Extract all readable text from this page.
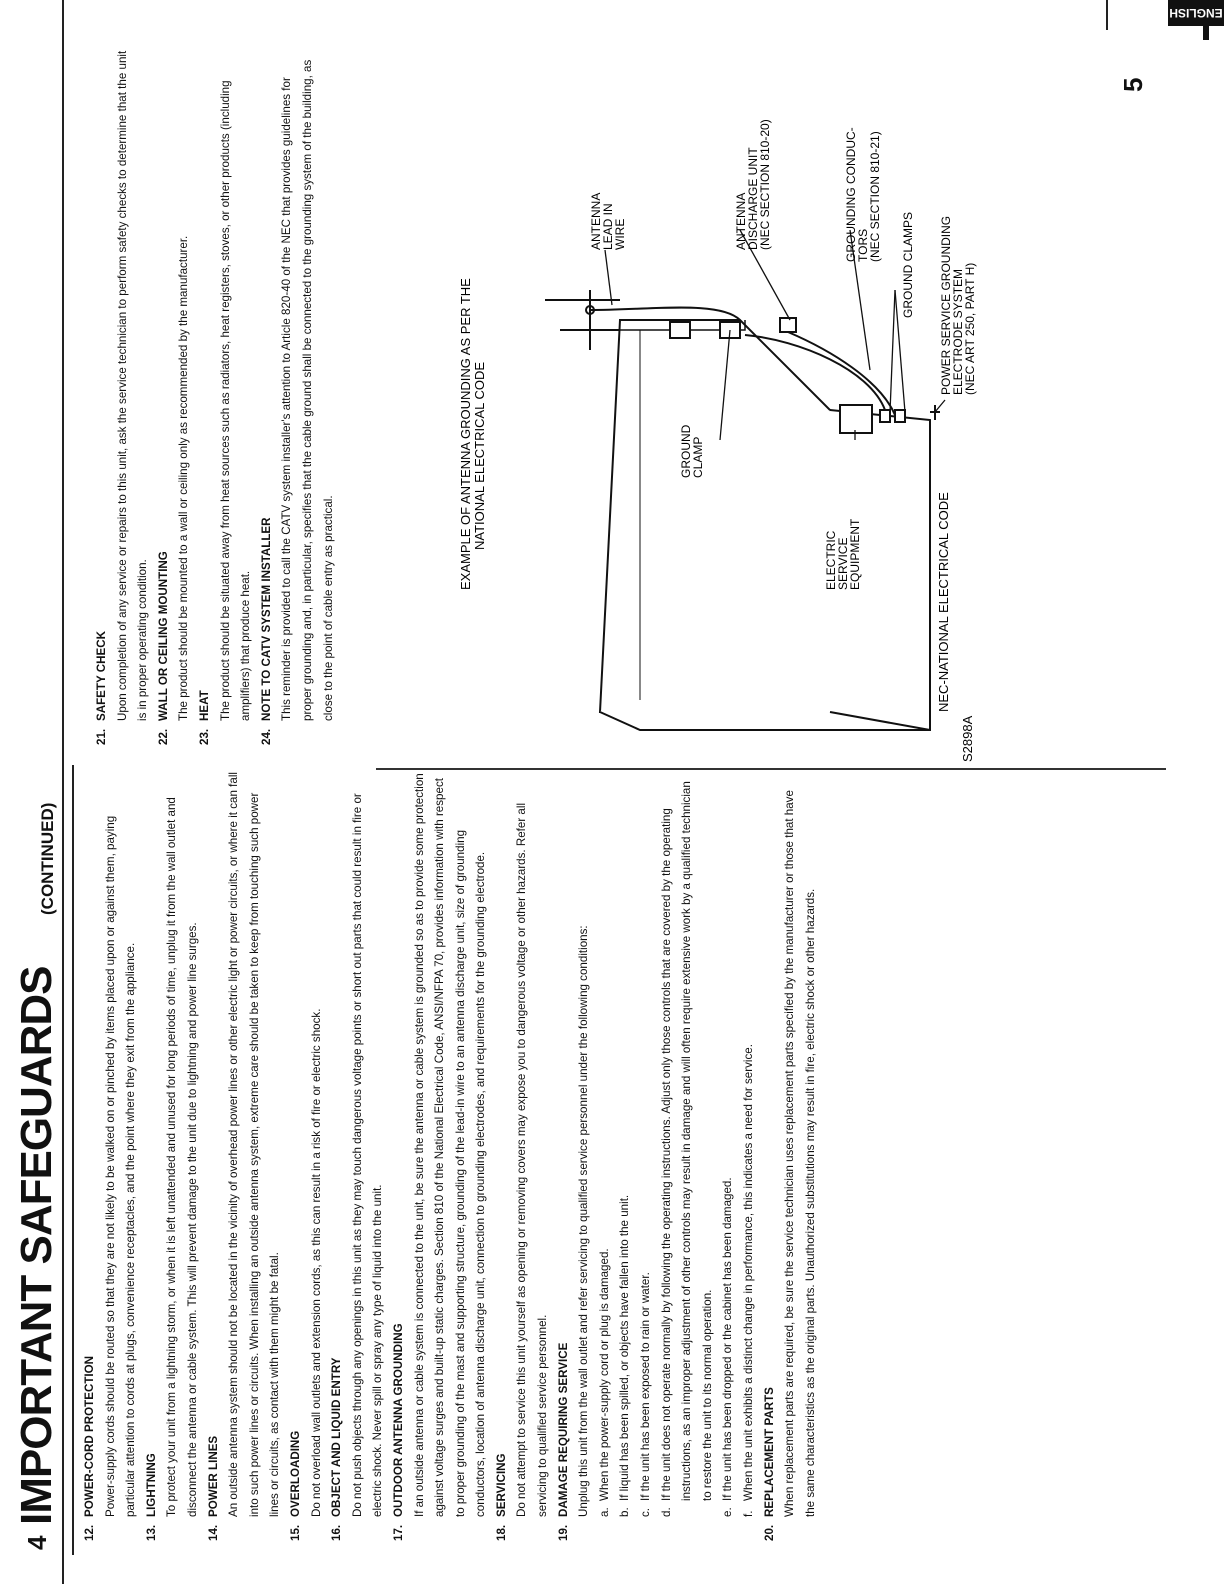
ENGLISH
IMPORTANT SAFEGUARDS
(CONTINUED)
12.
POWER-CORD PROTECTION Power-supply cords should be routed so that they are not likely to be walked on or pinched by items placed upon or against them, paying particular attention to cords at plugs, convenience receptacles, and the point where they exit from the appliance.
13.
LIGHTNING To protect your unit from a lightning storm, or when it is left unattended and unused for long periods of time, unplug it from the wall outlet and disconnect the antenna or cable system. This will prevent damage to the unit due to lightning and power line surges.
14.
POWER LINES An outside antenna system should not be located in the vicinity of overhead power lines or other electric light or power circuits, or where it can fall into such power lines or circuits. When installing an outside antenna system, extreme care should be taken to keep from touching such power lines or circuits, as contact with them might be fatal.
15.
OVERLOADING Do not overload wall outlets and extension cords, as this can result in a risk of fire or electric shock.
16.
OBJECT AND LIQUID ENTRY Do not push objects through any openings in this unit as they may touch dangerous voltage points or short out parts that could result in fire or electric shock. Never spill or spray any type of liquid into the unit.
17.
OUTDOOR ANTENNA GROUNDING If an outside antenna or cable system is connected to the unit, be sure the antenna or cable system is grounded so as to provide some protection against voltage surges and built-up static charges. Section 810 of the National Electrical Code, ANSI/NFPA 70, provides information with respect to proper grounding of the mast and supporting structure, grounding of the lead-in wire to an antenna discharge unit, size of grounding conductors, location of antenna discharge unit, connection to grounding electrodes, and requirements for the grounding electrode.
18.
SERVICING Do not attempt to service this unit yourself as opening or removing covers may expose you to dangerous voltage or other hazards. Refer all servicing to qualified service personnel.
19.
DAMAGE REQUIRING SERVICE Unplug this unit from the wall outlet and refer servicing to qualified service personnel under the following conditions: a.
When the power-supply cord or plug is damaged.
b.
If liquid has been spilled, or objects have fallen into the unit.
c.
If the unit has been exposed to rain or water.
d.
If the unit does not operate normally by following the operating instructions. Adjust only those controls that are covered by the operating instructions, as an improper adjustment of other controls may result in damage and will often require extensive work by a qualified technician to restore the unit to its normal operation.
e.
If the unit has been dropped or the cabinet has been damaged.
f.
When the unit exhibits a distinct change in performance, this indicates a need for service.
20.
REPLACEMENT PARTS When replacement parts are required, be sure the service technician uses replacement parts specified by the manufacturer or those that have the same characteristics as the original parts. Unauthorized substitutions may result in fire, electric shock or other hazards.
4
21.
SAFETY CHECK Upon completion of any service or repairs to this unit, ask the service technician to perform safety checks to determine that the unit is in proper operating condition.
22.
WALL OR CEILING MOUNTING The product should be mounted to a wall or ceiling only as recommended by the manufacturer.
23.
HEAT The product should be situated away from heat sources such as radiators, heat registers, stoves, or other products (including amplifiers) that produce heat.
24.
NOTE TO CATV SYSTEM INSTALLER This reminder is provided to call the CATV system installer's attention to Article 820-40 of the NEC that provides guidelines for proper grounding and, in particular, specifies that the cable ground shall be connected to the grounding system of the building, as close to the point of cable entry as practical.
5
EXAMPLE OF ANTENNA GROUNDING AS PER THE NATIONAL ELECTRICAL CODE
ANTENNA
LEAD IN
WIRE	ANTENNA
DISCHARGE UNIT
(NEC SECTION 810-20)	GROUNDING CONDUC-
TORS
(NEC SECTION 810-21)
GROUND CLAMPS POWER SERVICE GROUNDING
ELECTRODE SYSTEM
(NEC ART 250, PART H)
GROUND
CLAMP
ELECTRIC
SERVICE
EQUIPMENT	NEC-NATIONAL ELECTRICAL CODE
S2898A
